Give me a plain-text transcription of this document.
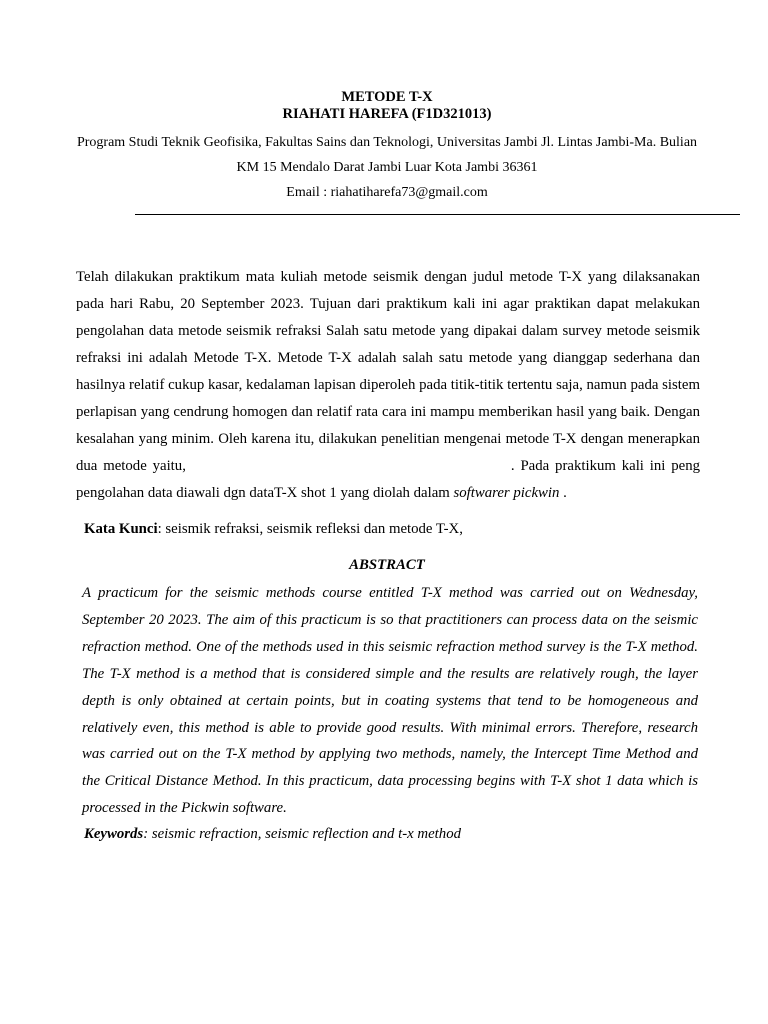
METODE T-X
RIAHATI HAREFA (F1D321013)
Program Studi Teknik Geofisika, Fakultas Sains dan Teknologi, Universitas Jambi Jl. Lintas Jambi-Ma. Bulian
KM 15 Mendalo Darat Jambi Luar Kota Jambi 36361
Email : riahatiharefa73@gmail.com

Telah dilakukan praktikum mata kuliah metode seismik dengan judul metode T-X yang dilaksanakan pada hari Rabu, 20 September 2023. Tujuan dari praktikum kali ini agar praktikan dapat melakukan pengolahan data metode seismik refraksi Salah satu metode yang dipakai dalam survey metode seismik refraksi ini adalah Metode T-X. Metode T-X adalah salah satu metode yang dianggap sederhana dan hasilnya relatif cukup kasar, kedalaman lapisan diperoleh pada titik-titik tertentu saja, namun pada sistem perlapisan yang cendrung homogen dan relatif rata cara ini mampu memberikan hasil yang baik. Dengan kesalahan yang minim. Oleh karena itu, dilakukan penelitian mengenai metode T-X dengan menerapkan dua metode yaitu,	. Pada praktikum kali ini peng pengolahan data diawali dgn dataT-X shot 1 yang diolah dalam softwarer pickwin .

Kata Kunci: seismik refraksi, seismik refleksi dan metode T-X,
ABSTRACT

A practicum for the seismic methods course entitled T-X method was carried out on Wednesday, September 20 2023. The aim of this practicum is so that practitioners can process data on the seismic refraction method. One of the methods used in this seismic refraction method survey is the T-X method. The T-X method is a method that is considered simple and the results are relatively rough, the layer depth is only obtained at certain points, but in coating systems that tend to be homogeneous and relatively even, this method is able to provide good results. With minimal errors. Therefore, research was carried out on the T-X method by applying two methods, namely, the Intercept Time Method and the Critical Distance Method. In this practicum, data processing begins with T-X shot 1 data which is processed in the Pickwin software.

Keywords: seismic refraction, seismic reflection and t-x method
